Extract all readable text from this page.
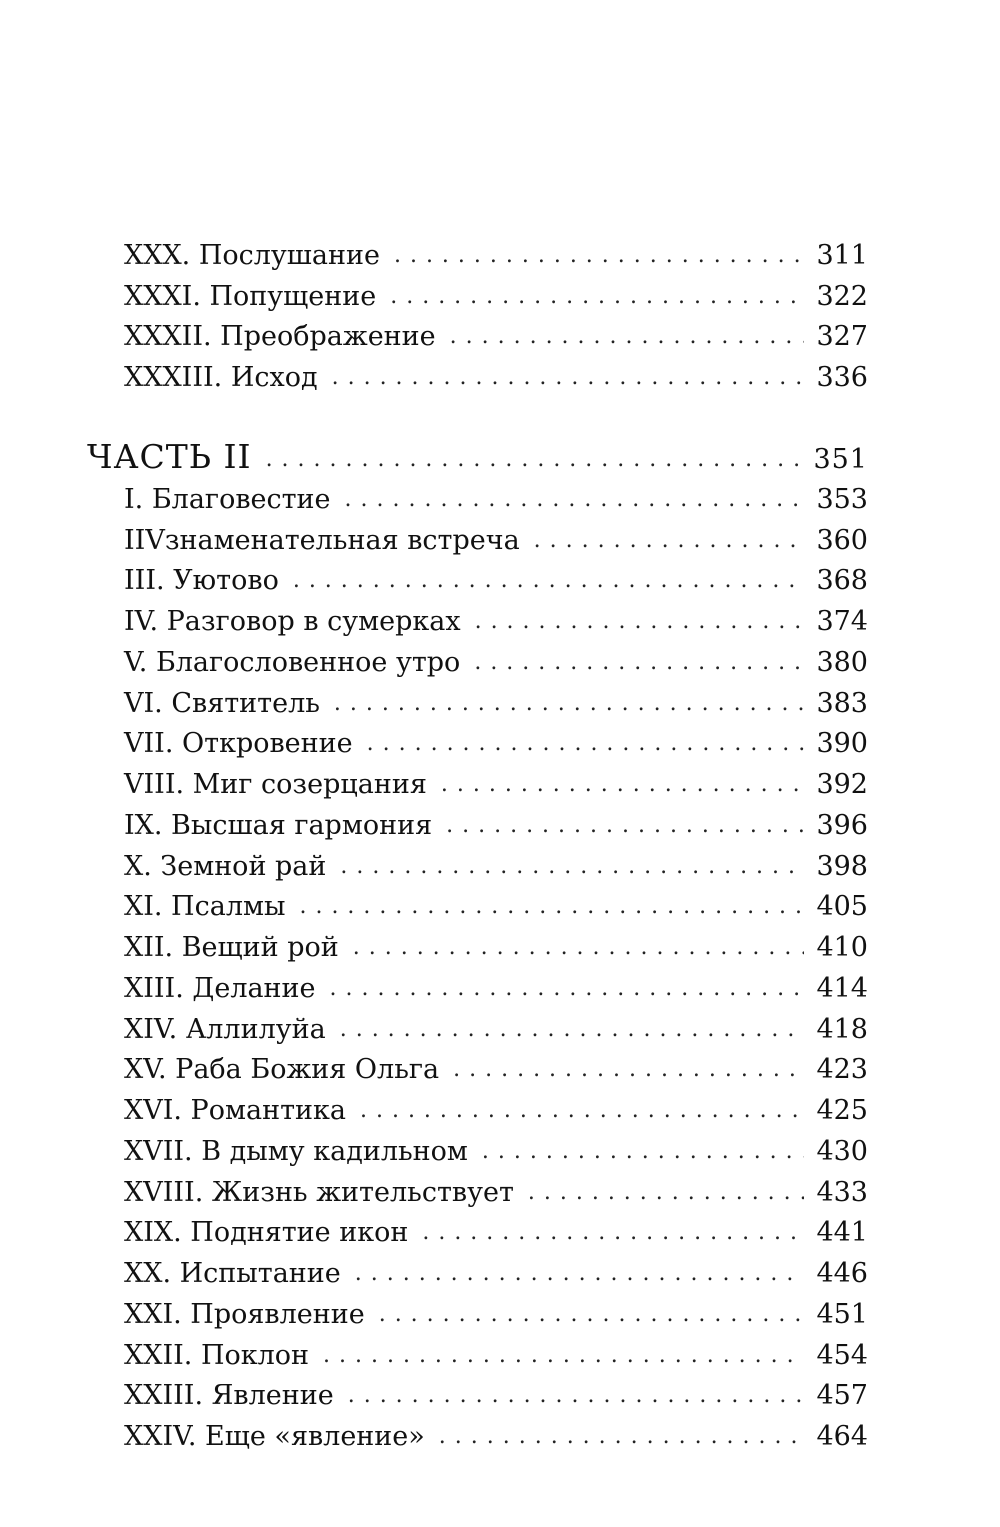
XXX. Послушание . . .	311
XXXI. Попущение . . .	322
XXXII. Преображение . . .	327
XXXIII. Исход . . .	336
ЧАСТЬ II . . .	351
I. Благовестие . . .	353
IIVзнаменательная встреча . . .	360
III. Уютово . . .	368
IV. Разговор в сумерках . . .	374
V. Благословенное утро . . .	380
VI. Святитель . . .	383
VII. Откровение . . .	390
VIII. Миг созерцания . . .	392
IX. Высшая гармония . . .	396
X. Земной рай . . .	398
XI. Псалмы . . .	405
XII. Вещий рой . . .	410
XIII. Делание . . .	414
XIV. Аллилуйа . . .	418
XV. Раба Божия Ольга . . .	423
XVI. Романтика . . .	425
XVII. В дыму кадильном . . .	430
XVIII. Жизнь жительствует . . .	433
XIX. Поднятие икон . . .	441
XX. Испытание . . .	446
XXI. Проявление . . .	451
XXII. Поклон . . .	454
XXIII. Явление . . .	457
XXIV. Еще «явление» . . .	464
